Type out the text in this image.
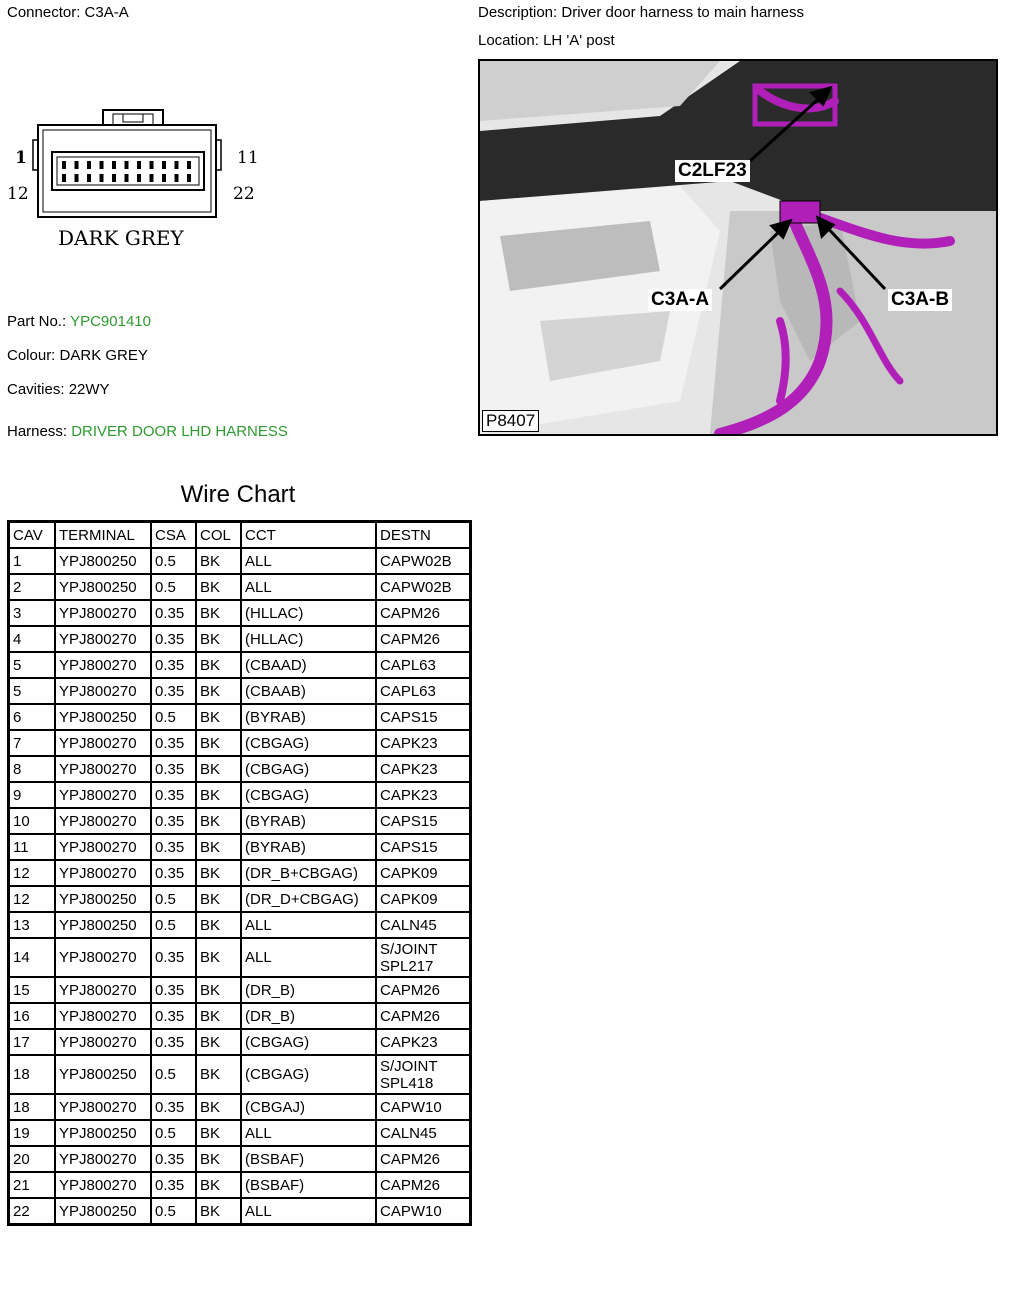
Connector: C3A-A	Description: Driver door harness to main harness
Location: LH 'A' post
1
12
11
22
DARK GREY
C2LF23
C3A-A	C3A-B
P8407
Part No.: YPC901410
Colour: DARK GREY
Cavities: 22WY
Harness: DRIVER DOOR LHD HARNESS
Wire Chart
CAV	TERMINAL	CSA	COL	CCT	DESTN
1	YPJ800250	0.5	BK	ALL	CAPW02B
2	YPJ800250	0.5	BK	ALL	CAPW02B
3	YPJ800270	0.35	BK	(HLLAC)	CAPM26
4	YPJ800270	0.35	BK	(HLLAC)	CAPM26
5	YPJ800270	0.35	BK	(CBAAD)	CAPL63
5	YPJ800270	0.35	BK	(CBAAB)	CAPL63
6	YPJ800250	0.5	BK	(BYRAB)	CAPS15
7	YPJ800270	0.35	BK	(CBGAG)	CAPK23
8	YPJ800270	0.35	BK	(CBGAG)	CAPK23
9	YPJ800270	0.35	BK	(CBGAG)	CAPK23
10	YPJ800270	0.35	BK	(BYRAB)	CAPS15
11	YPJ800270	0.35	BK	(BYRAB)	CAPS15
12	YPJ800270	0.35	BK	(DR_B+CBGAG)	CAPK09
12	YPJ800250	0.5	BK	(DR_D+CBGAG)	CAPK09
13	YPJ800250	0.5	BK	ALL	CALN45
14	YPJ800270	0.35	BK	ALL	S/JOINT SPL217
15	YPJ800270	0.35	BK	(DR_B)	CAPM26
16	YPJ800270	0.35	BK	(DR_B)	CAPM26
17	YPJ800270	0.35	BK	(CBGAG)	CAPK23
18	YPJ800250	0.5	BK	(CBGAG)	S/JOINT SPL418
18	YPJ800270	0.35	BK	(CBGAJ)	CAPW10
19	YPJ800250	0.5	BK	ALL	CALN45
20	YPJ800270	0.35	BK	(BSBAF)	CAPM26
21	YPJ800270	0.35	BK	(BSBAF)	CAPM26
22	YPJ800250	0.5	BK	ALL	CAPW10
